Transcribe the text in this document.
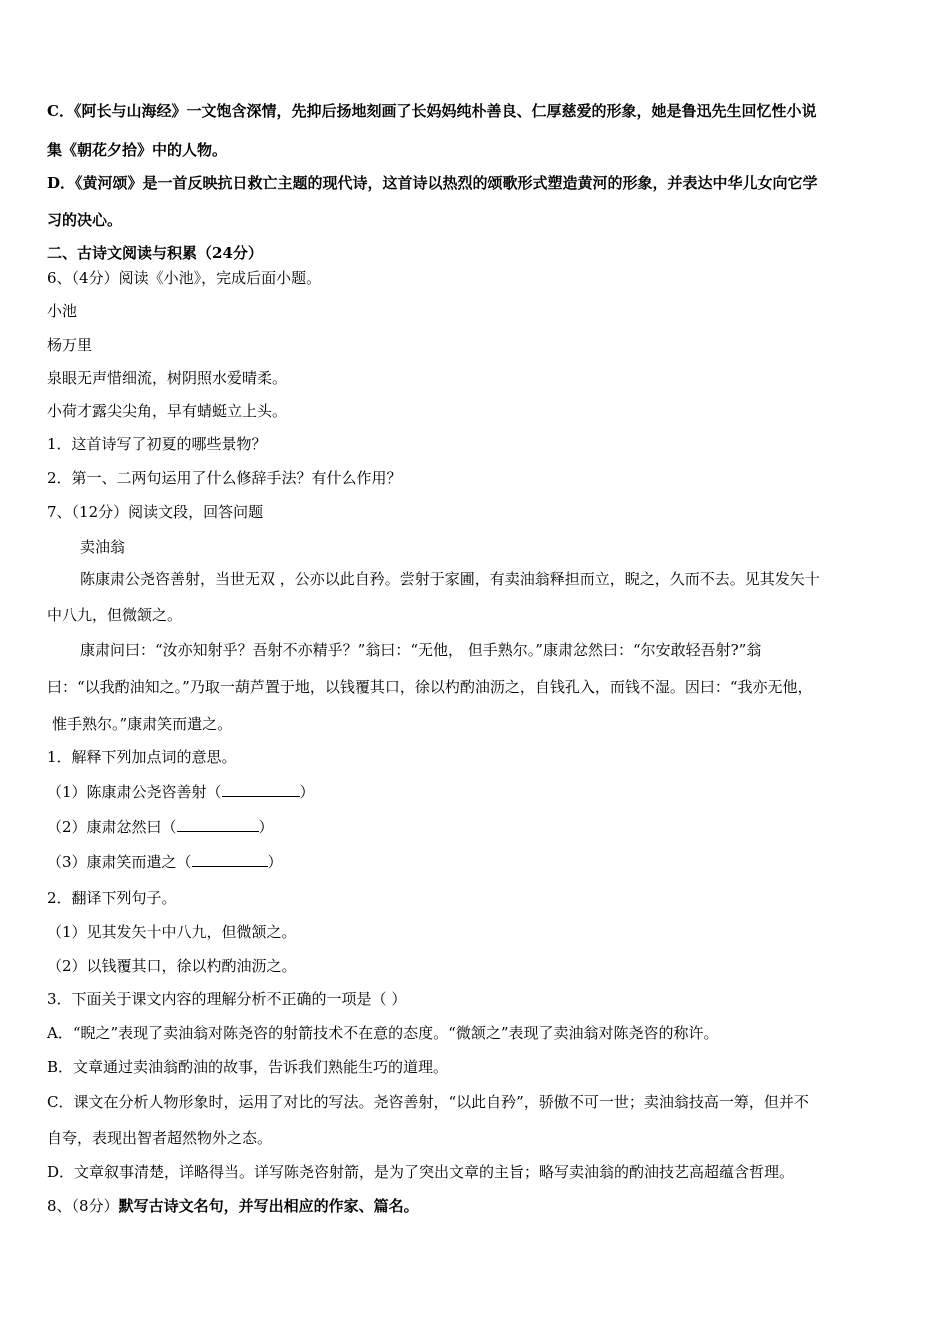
C．《阿长与山海经》一文饱含深情，先抑后扬地刻画了长妈妈纯朴善良、仁厚慈爱的形象，她是鲁迅先生回忆性小说
集《朝花夕拾》中的人物。
D．《黄河颂》是一首反映抗日救亡主题的现代诗，这首诗以热烈的颂歌形式塑造黄河的形象，并表达中华儿女向它学
习的决心。
二、古诗文阅读与积累（24分）
6、（4分）阅读《小池》，完成后面小题。
小池
杨万里
泉眼无声惜细流，树阴照水爱晴柔。
小荷才露尖尖角，早有蜻蜓立上头。
1．这首诗写了初夏的哪些景物？
2．第一、二两句运用了什么修辞手法？有什么作用？
7、（12分）阅读文段，回答问题
卖油翁
陈康肃公尧咨善射，当世无双 ，公亦以此自矜。尝射于家圃，有卖油翁释担而立，睨之，久而不去。见其发矢十
中八九，但微颔之。
康肃问曰：“汝亦知射乎？吾射不亦精乎？”翁曰：“无他， 但手熟尔。”康肃忿然曰：“尔安敢轻吾射?”翁
曰：“以我酌油知之。”乃取一葫芦置于地，以钱覆其口，徐以杓酌油沥之，自钱孔入，而钱不湿。因曰：“我亦无他，
惟手熟尔。”康肃笑而遣之。
1．解释下列加点词的意思。
（1）陈康肃公尧咨善射（	）
（2）康肃忿然曰（	）
（3）康肃笑而遣之（	）
2．翻译下列句子。
（1）见其发矢十中八九，但微颔之。
（2）以钱覆其口，徐以杓酌油沥之。
3．下面关于课文内容的理解分析不正确的一项是（ ）
A．“睨之”表现了卖油翁对陈尧咨的射箭技术不在意的态度。“微颔之”表现了卖油翁对陈尧咨的称许。
B．文章通过卖油翁酌油的故事，告诉我们熟能生巧的道理。
C．课文在分析人物形象时，运用了对比的写法。尧咨善射，“以此自矜”，骄傲不可一世；卖油翁技高一筹，但并不
自夸，表现出智者超然物外之态。
D．文章叙事清楚，详略得当。详写陈尧咨射箭，是为了突出文章的主旨；略写卖油翁的酌油技艺高超蕴含哲理。
8、（8分）默写古诗文名句，并写出相应的作家、篇名。
